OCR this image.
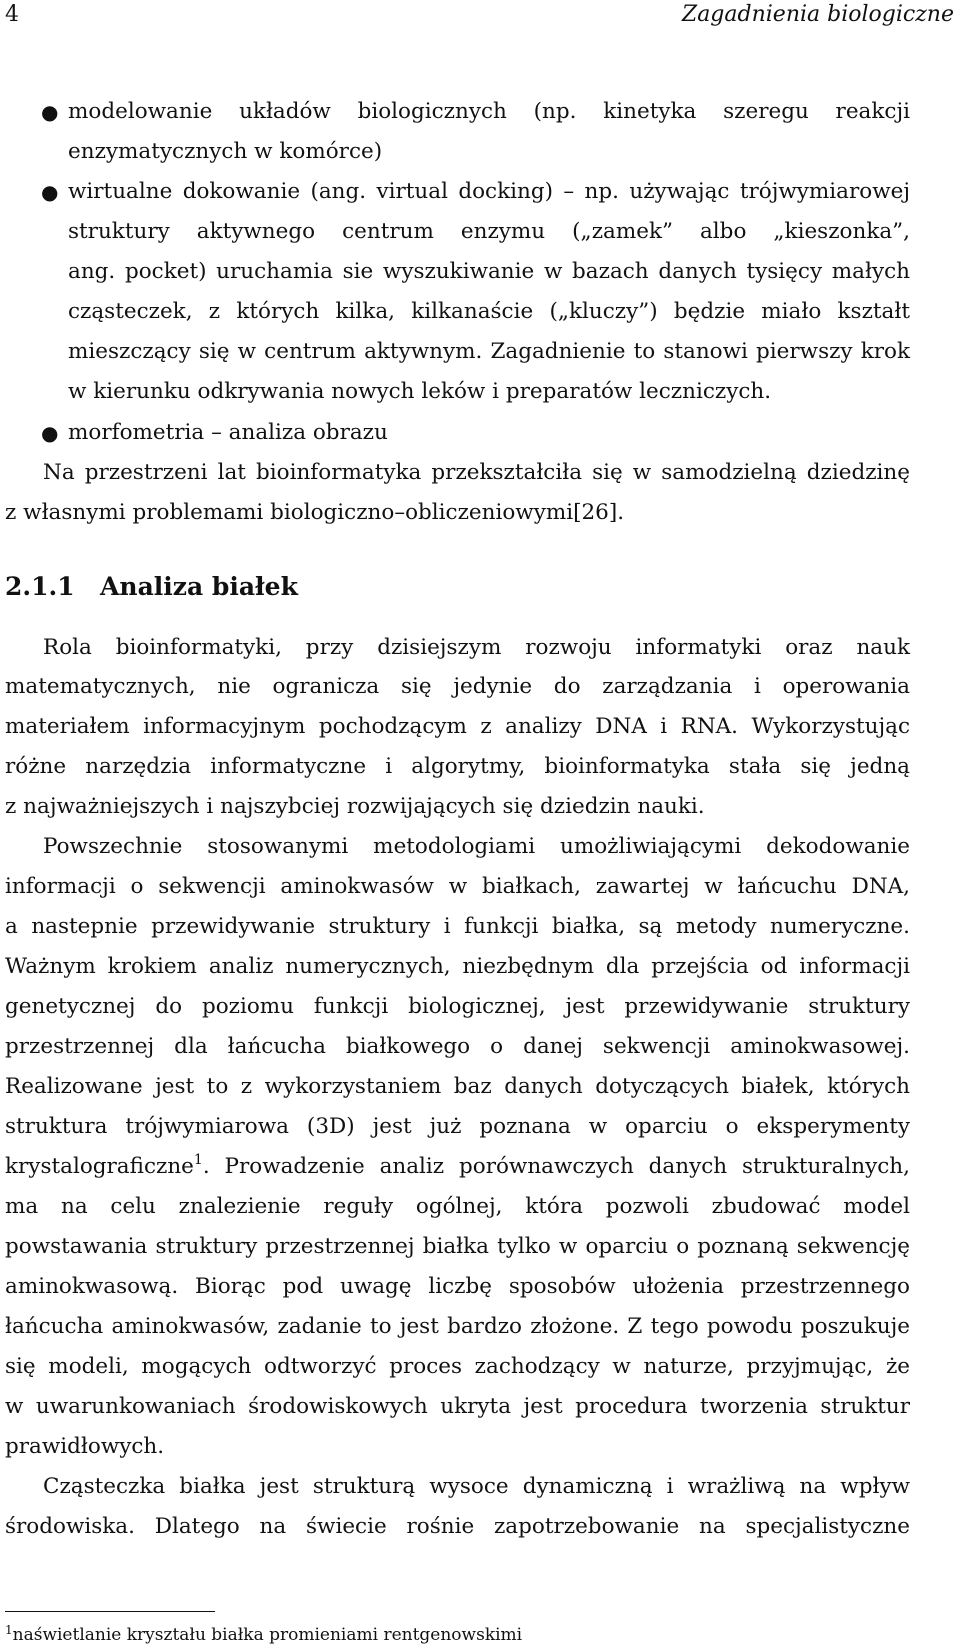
4	Zagadnienia biologiczne
●
●
●
modelowanie układów biologicznych (np. kinetyka szeregu reakcji
enzymatycznych w komórce)
wirtualne dokowanie (ang. virtual docking) – np. używając trójwymiarowej
struktury aktywnego centrum enzymu („zamek” albo „kieszonka”,
ang. pocket) uruchamia sie wyszukiwanie w bazach danych tysięcy małych
cząsteczek, z których kilka, kilkanaście („kluczy”) będzie miało kształt
mieszczący się w centrum aktywnym. Zagadnienie to stanowi pierwszy krok
w kierunku odkrywania nowych leków i preparatów leczniczych.
morfometria – analiza obrazu
Na przestrzeni lat bioinformatyka przekształciła się w samodzielną dziedzinę
z własnymi problemami biologiczno–obliczeniowymi[26].
2.1.1 Analiza białek
Rola bioinformatyki, przy dzisiejszym rozwoju informatyki oraz nauk
matematycznych, nie ogranicza się jedynie do zarządzania i operowania
materiałem informacyjnym pochodzącym z analizy DNA i RNA. Wykorzystując
różne narzędzia informatyczne i algorytmy, bioinformatyka stała się jedną
z najważniejszych i najszybciej rozwijających się dziedzin nauki.
Powszechnie stosowanymi metodologiami umożliwiającymi dekodowanie
informacji o sekwencji aminokwasów w białkach, zawartej w łańcuchu DNA,
a nastepnie przewidywanie struktury i funkcji białka, są metody numeryczne.
Ważnym krokiem analiz numerycznych, niezbędnym dla przejścia od informacji
genetycznej do poziomu funkcji biologicznej, jest przewidywanie struktury
przestrzennej dla łańcucha białkowego o danej sekwencji aminokwasowej.
Realizowane jest to z wykorzystaniem baz danych dotyczących białek, których
struktura trójwymiarowa (3D) jest już poznana w oparciu o eksperymenty
krystalograficzne$^1$. Prowadzenie analiz porównawczych danych strukturalnych,
ma na celu znalezienie reguły ogólnej, która pozwoli zbudować model
powstawania struktury przestrzennej białka tylko w oparciu o poznaną sekwencję
aminokwasową. Biorąc pod uwagę liczbę sposobów ułożenia przestrzennego
łańcucha aminokwasów, zadanie to jest bardzo złożone. Z tego powodu poszukuje
się modeli, mogących odtworzyć proces zachodzący w naturze, przyjmując, że
w uwarunkowaniach środowiskowych ukryta jest procedura tworzenia struktur
prawidłowych.
Cząsteczka białka jest strukturą wysoce dynamiczną i wrażliwą na wpływ
środowiska. Dlatego na świecie rośnie zapotrzebowanie na specjalistyczne
$^1$naświetlanie kryształu białka promieniami rentgenowskimi
